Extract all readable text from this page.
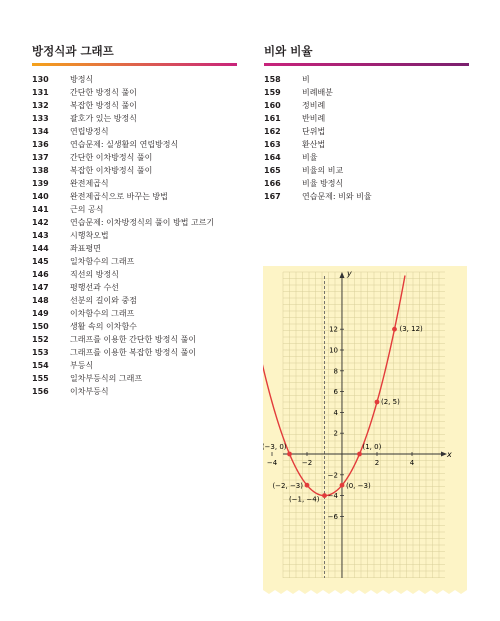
방정식과 그래프
130	방정식
131	간단한 방정식 풀이
132	복잡한 방정식 풀이
133	괄호가 있는 방정식
134	연립방정식
136	연습문제: 실생활의 연립방정식
137	간단한 이차방정식 풀이
138	복잡한 이차방정식 풀이
139	완전제곱식
140	완전제곱식으로 바꾸는 방법
141	근의 공식
142	연습문제: 이차방정식의 풀이 방법 고르기
143	시행착오법
144	좌표평면
145	일차함수의 그래프
146	직선의 방정식
147	평행선과 수선
148	선분의 길이와 중점
149	이차함수의 그래프
150	생활 속의 이차함수
152	그래프를 이용한 간단한 방정식 풀이
153	그래프를 이용한 복잡한 방정식 풀이
154	부등식
155	일차부등식의 그래프
156	이차부등식
비와 비율
158	비
159	비례배분
160	정비례
161	반비례
162	단위법
163	환산법
164	비율
165	비율의 비교
166	비율 방정식
167	연습문제: 비와 비율
x
y
−4	−2	2	4
−6
−4
−2
2
4
6
8
10
12
(−3, 0)	(1, 0)
(−2, −3)	(0, −3)
(−1, −4)
(2, 5)
(3, 12)
